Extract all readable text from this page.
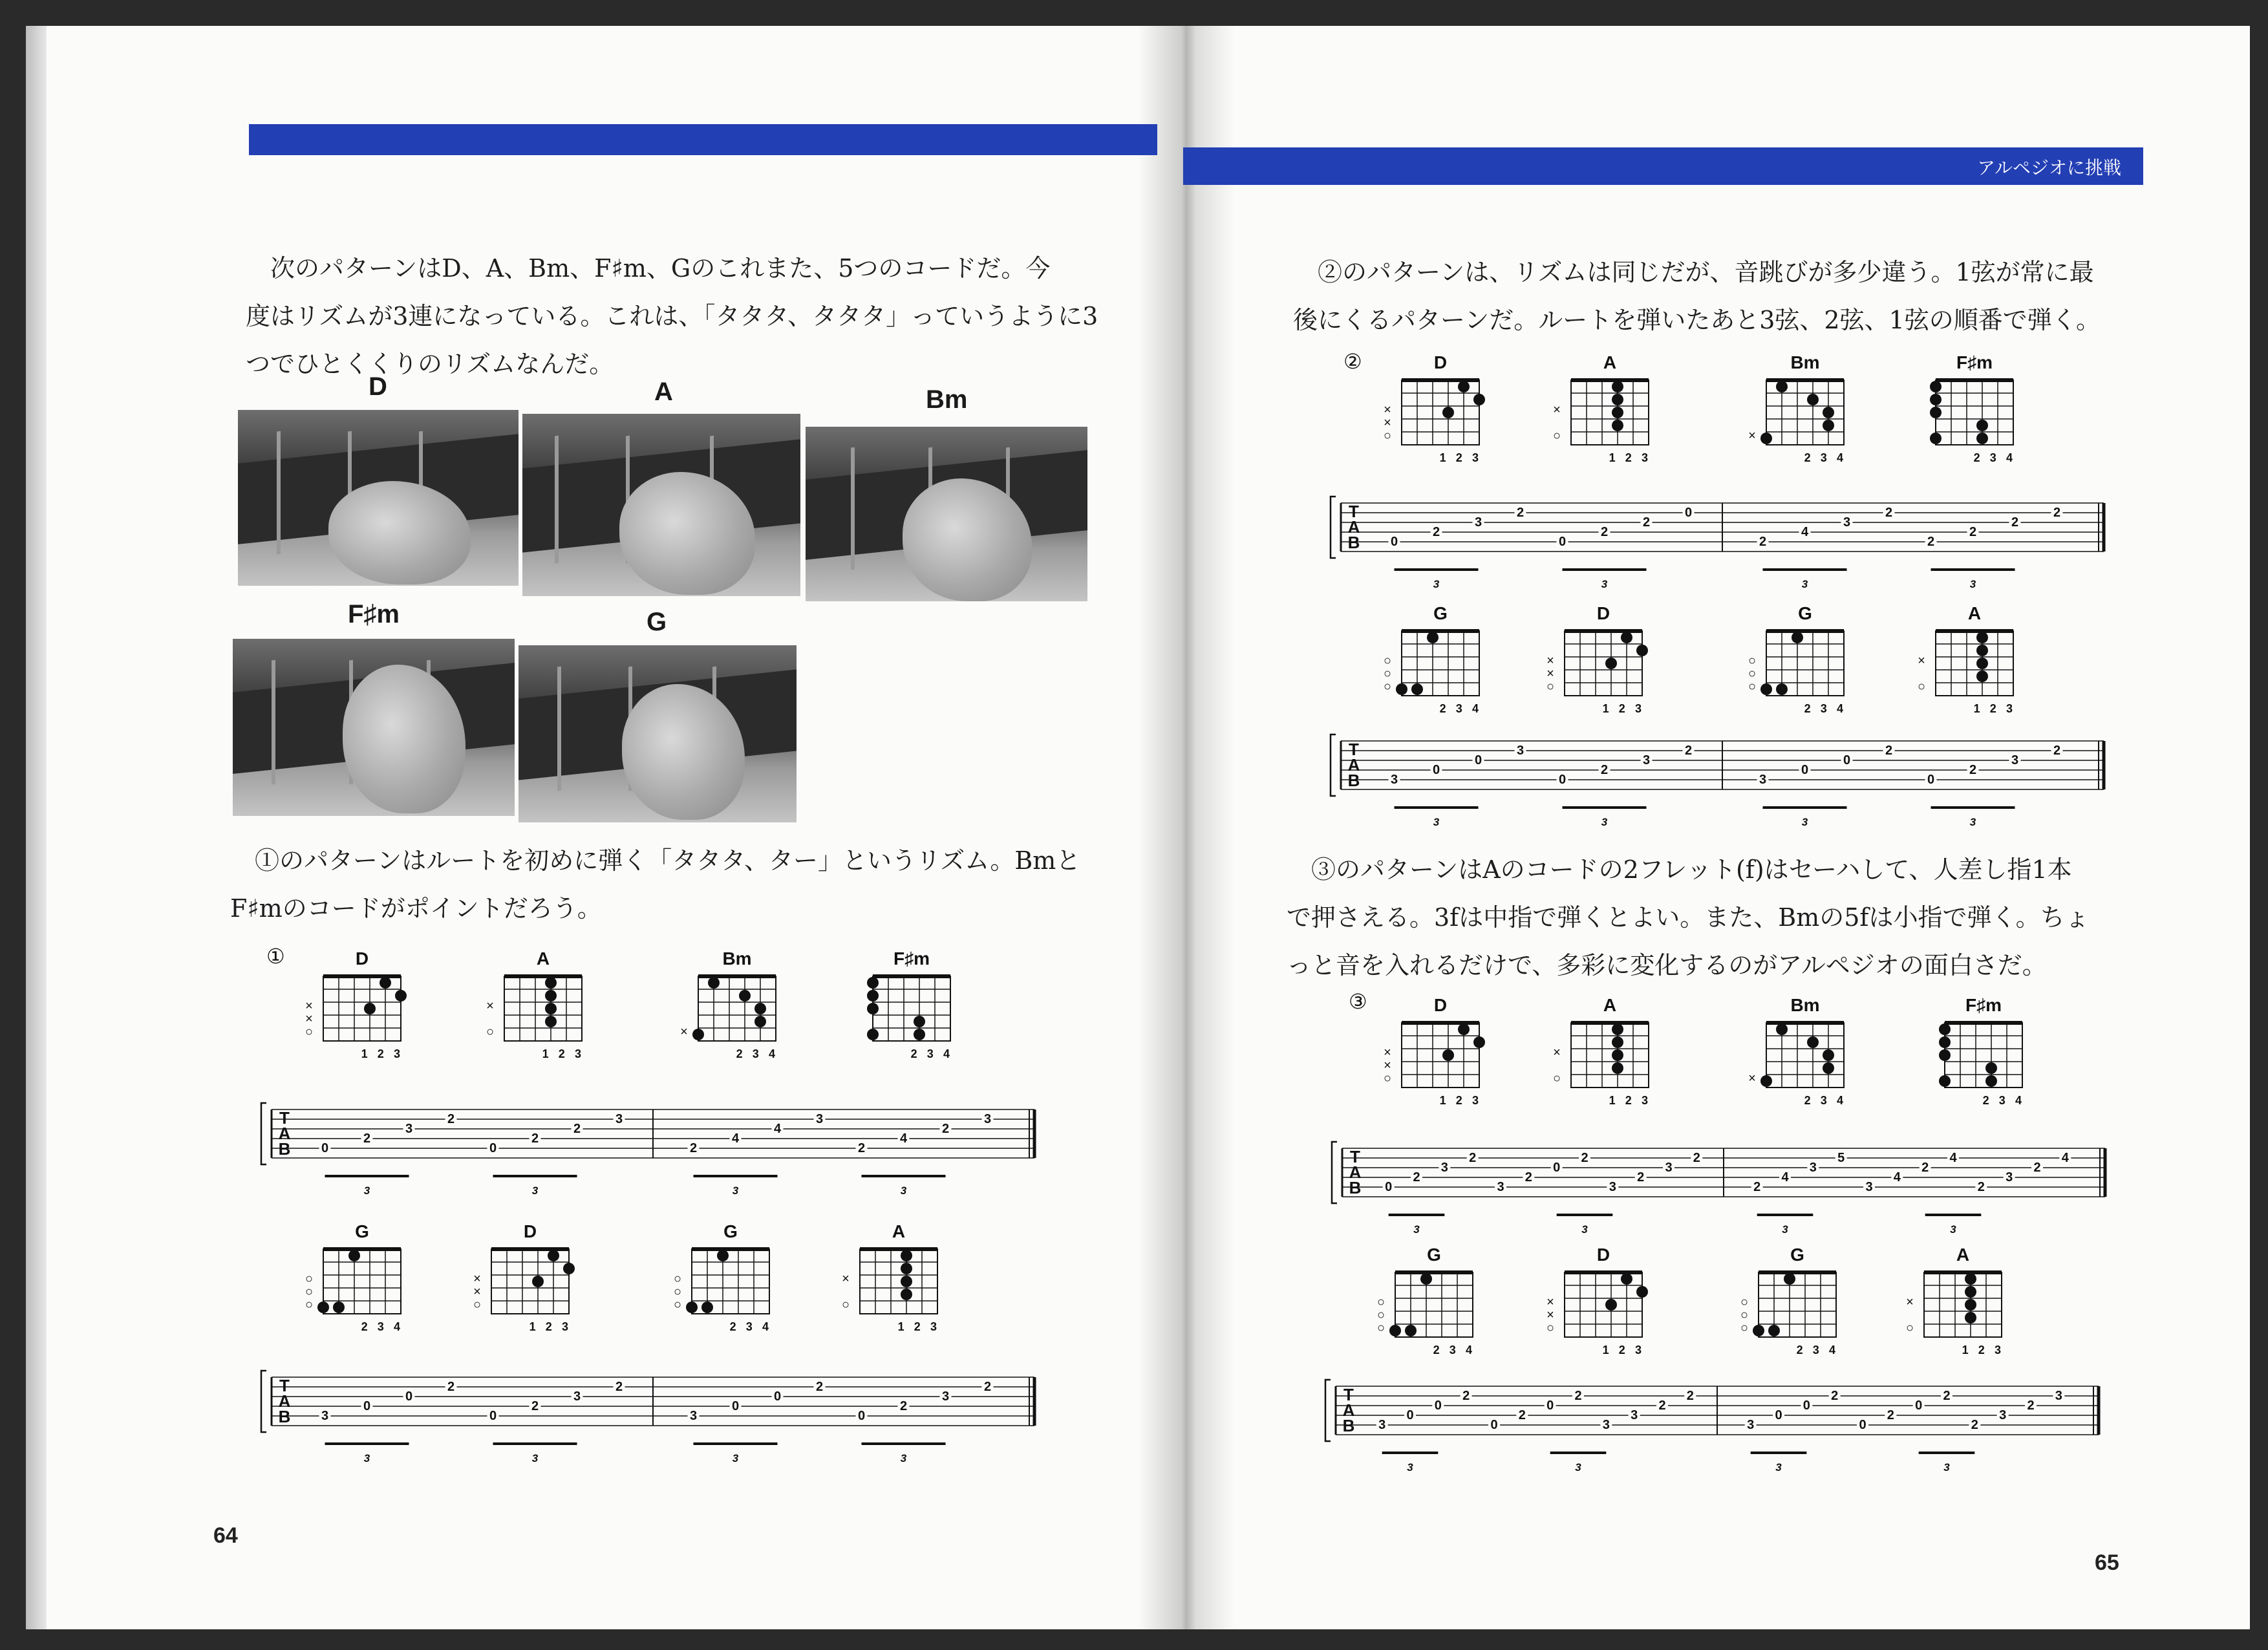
アルペジオに挑戦
次のパターンはD、A、Bm、F♯m、Gのこれまた、5つのコードだ。今
度はリズムが3連になっている。これは、「タタタ、タタタ」っていうように3
つでひとくくりのリズムなんだ。
D	A	Bm
F♯m	G
①のパターンはルートを初めに弾く「タタタ、ター」というリズム。Bmと
F♯mのコードがポイントだろう。
①
②
③
D
○
×
×
1 2 3
A
○
×
1 2 3
Bm
×
2 3 4
F♯m
2 3 4
T
A
B 0
2
3
2
0
2
2
3
3	3
2
4
4
3
2
4
2
3
3	3
G
○
○
○
2 3 4
D
○
×
×
1 2 3
G
○
○
○
2 3 4
A
○
×
1 2 3
T
A
B 3
0
0
2
0
2
3
2
3	3
3
0
0
2
0
2
3
2
3	3
D
○
×
×
1 2 3
A
○
×
1 2 3
Bm
×
2 3 4
F♯m
2 3 4
T
A
B 0
2
3
2
0
2
2
0
3	3
2
4
3
2
2
2
2
2
3	3
G
○
○
○
2 3 4
D
○
×
×
1 2 3
G
○
○
○
2 3 4
A
○
×
1 2 3
T
A
B 3
0
0
3
0
2
3
2
3	3
3
0
0
2
0
2
3
2
3	3
D
○
×
×
1 2 3
A
○
×
1 2 3
Bm
×
2 3 4
F♯m
2 3 4
T
A
B 0
2
3
2
3
2
0
2
3
2
3
2
3	3
2
4
3
5
3
4
2
4
2
3
2
4
3	3
G
○
○
○
2 3 4
D
○
×
×
1 2 3
G
○
○
○
2 3 4
A
○
×
1 2 3
T
A
B 3
0
0
2
0
2
0
2
3
3
2
2
3	3
3
0
0
2
0
2
0
2
2
3
2
3
3	3
②のパターンは、リズムは同じだが、音跳びが多少違う。1弦が常に最
後にくるパターンだ。ルートを弾いたあと3弦、2弦、1弦の順番で弾く。
③のパターンはAのコードの2フレット(f)はセーハして、人差し指1本
で押さえる。3fは中指で弾くとよい。また、Bmの5fは小指で弾く。ちょ
っと音を入れるだけで、多彩に変化するのがアルペジオの面白さだ。
64
65
